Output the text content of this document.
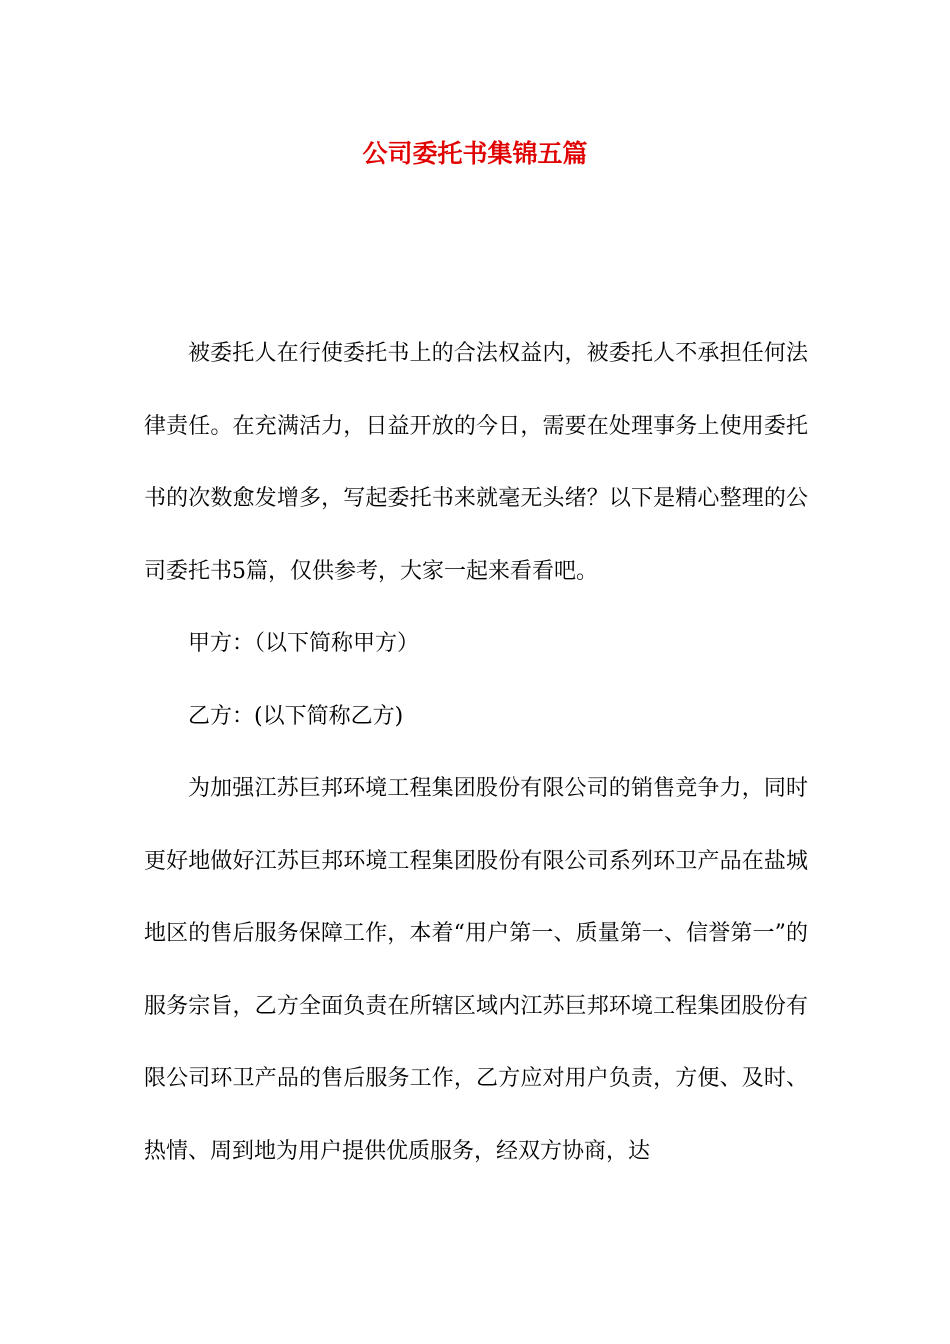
公司委托书集锦五篇

被委托人在行使委托书上的合法权益内，被委托人不承担任何法律责任。在充满活力，日益开放的今日，需要在处理事务上使用委托书的次数愈发增多，写起委托书来就毫无头绪？以下是精心整理的公司委托书5篇，仅供参考，大家一起来看看吧。

甲方：（以下简称甲方）

乙方：(以下简称乙方)

为加强江苏巨邦环境工程集团股份有限公司的销售竞争力，同时更好地做好江苏巨邦环境工程集团股份有限公司系列环卫产品在盐城地区的售后服务保障工作，本着“用户第一、质量第一、信誉第一”的服务宗旨，乙方全面负责在所辖区域内江苏巨邦环境工程集团股份有限公司环卫产品的售后服务工作，乙方应对用户负责，方便、及时、热情、周到地为用户提供优质服务，经双方协商，达
